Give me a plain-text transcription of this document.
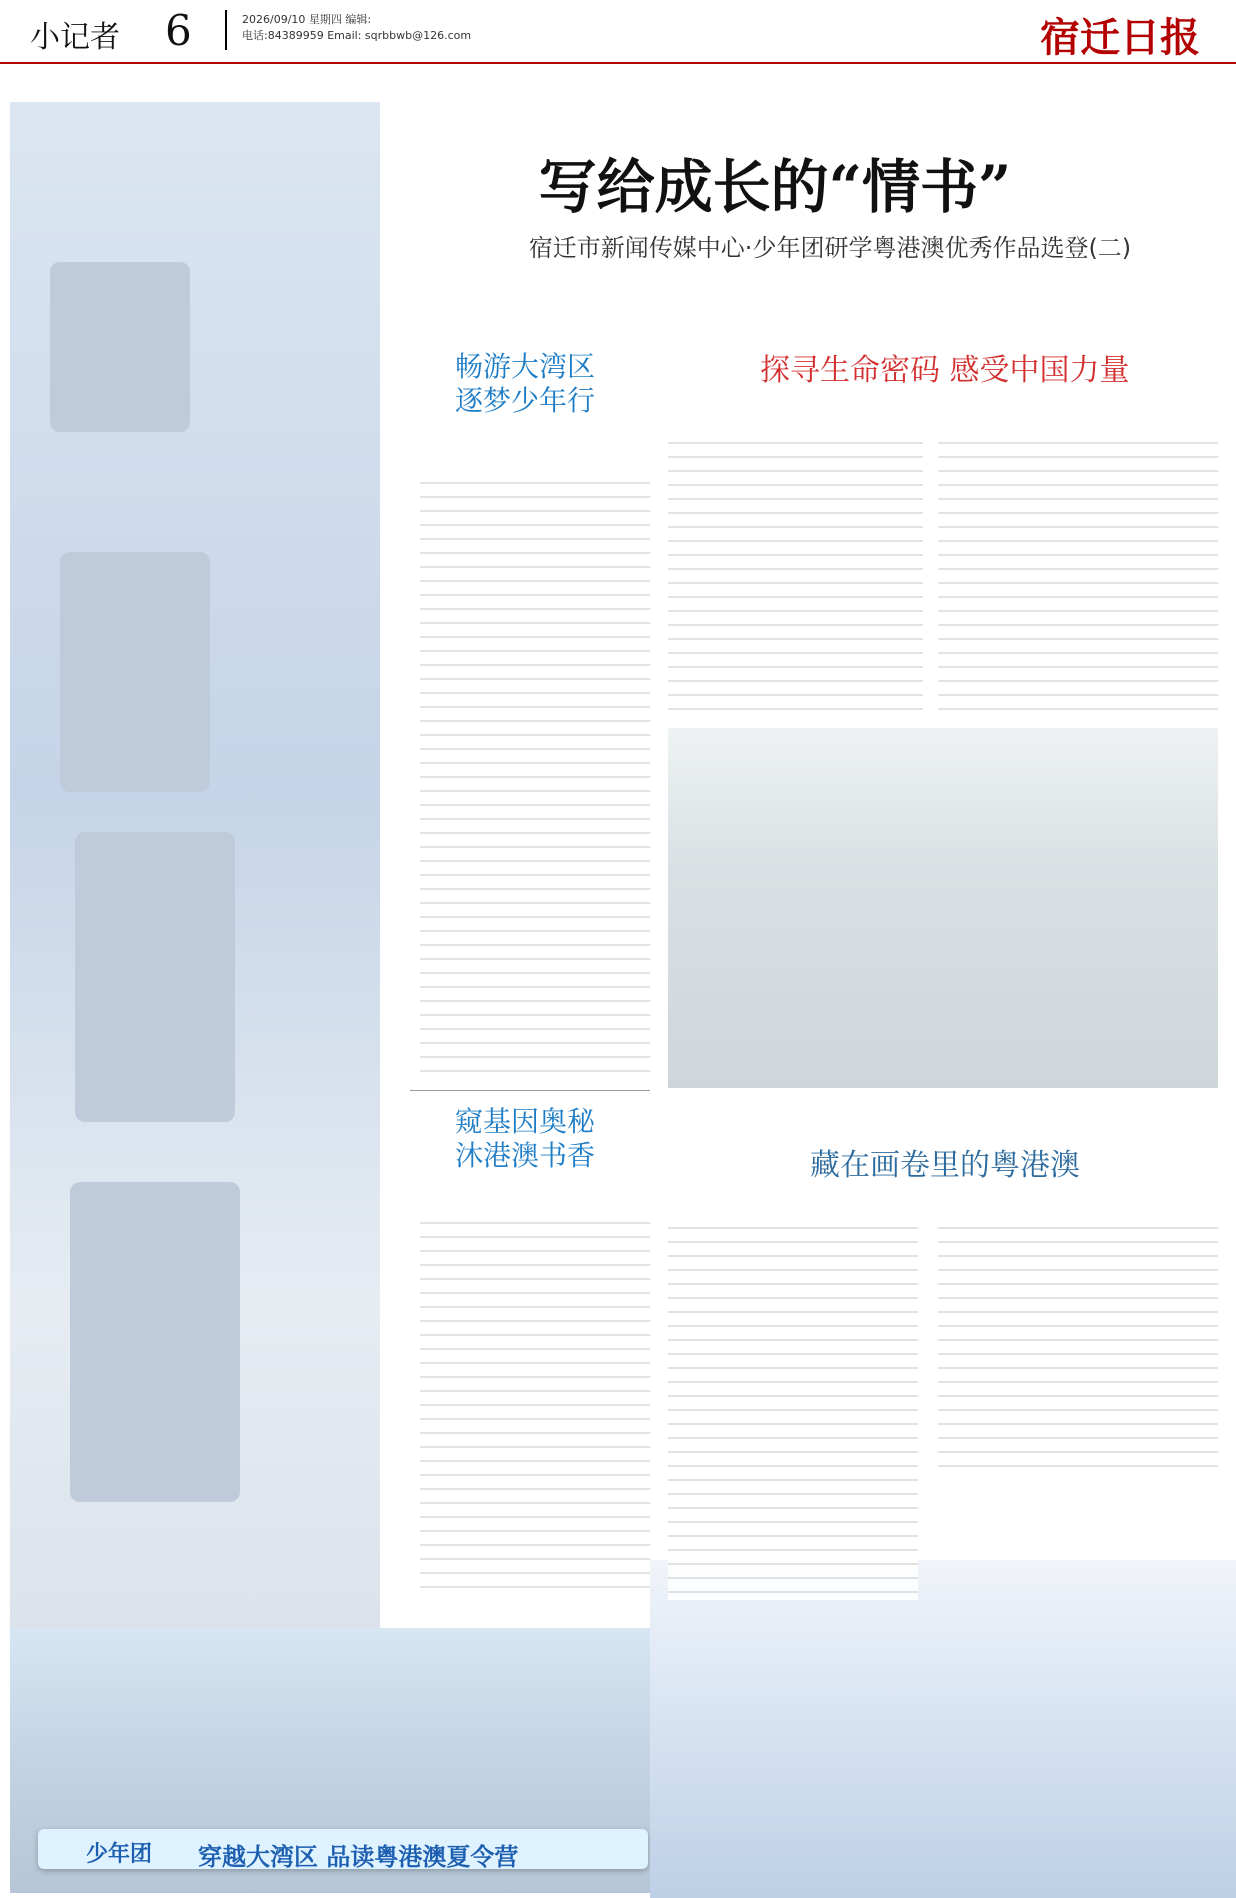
小记者 6	2026/09/10 星期四 编辑:
电话:84389959 Email: sqrbbwb@126.com	宿迁日报
少年团 穿越大湾区 品读粤港澳夏令营
写给成长的“情书”
宿迁市新闻传媒中心·少年团研学粤港澳优秀作品选登(二)
畅游大湾区
逐梦少年行
探寻生命密码 感受中国力量
窥基因奥秘
沐港澳书香	藏在画卷里的粤港澳
